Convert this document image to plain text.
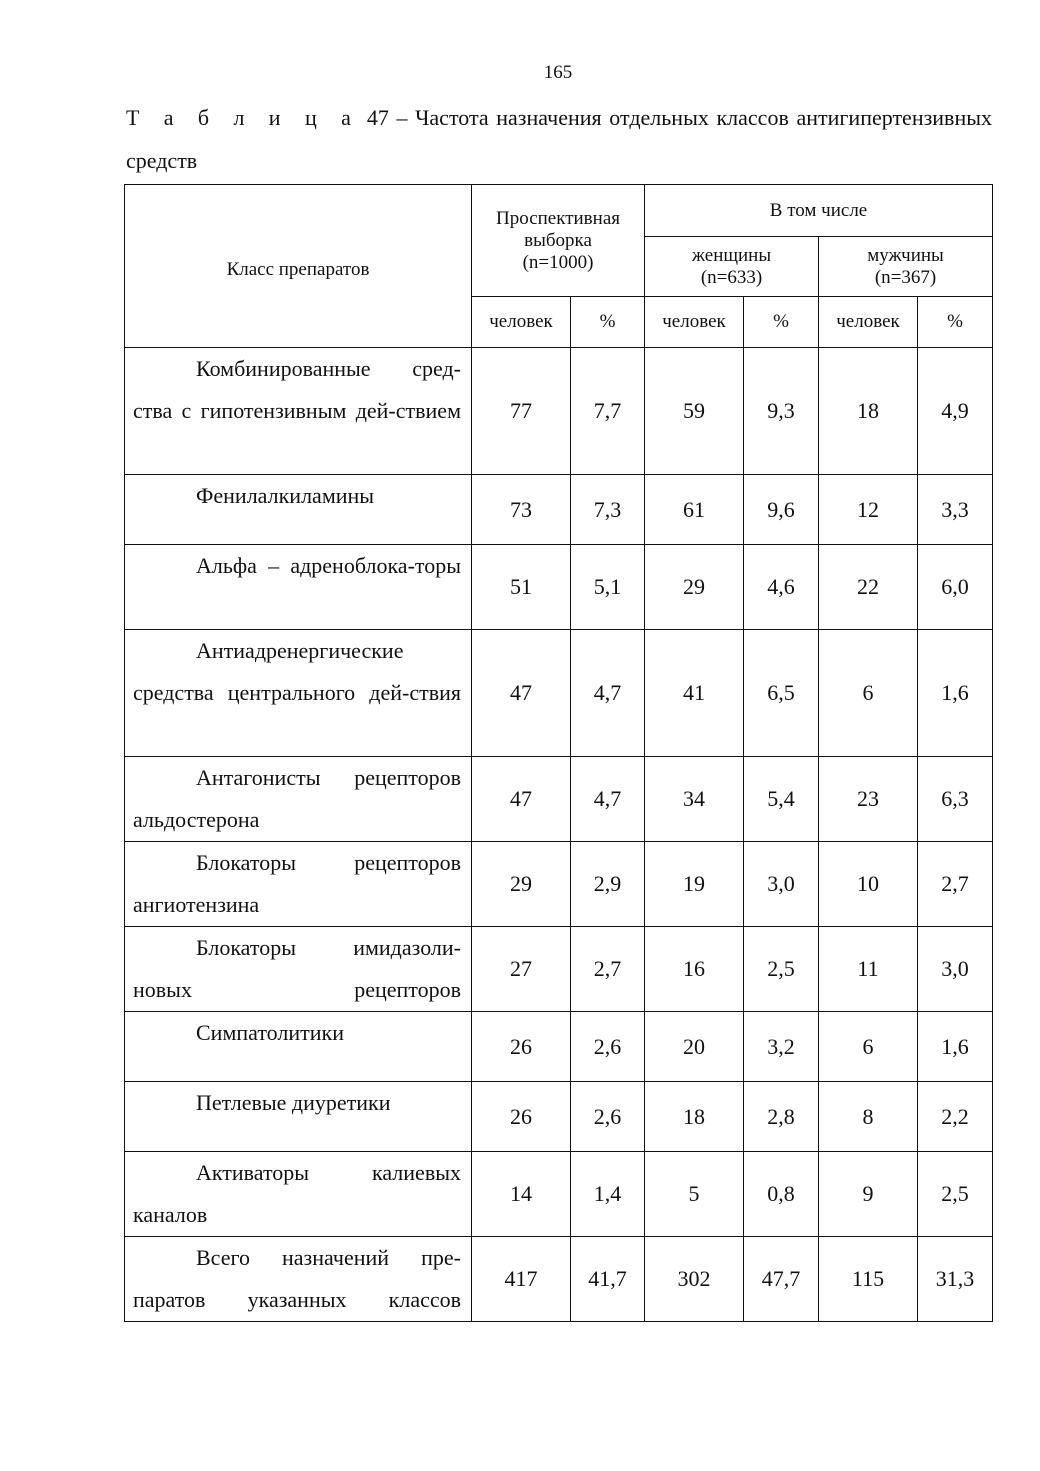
165
Т а б л и ц а 47 – Частота назначения отдельных классов антигипертензивных средств
Класс препаратов	Проспективная выборка (n=1000)		В том числе			
			женщины (n=633)		мужчины (n=367)	
	человек	%	человек	%	человек	%
Комбинированные сред-ства с гипотензивным дей-ствием	77	7,7	59	9,3	18	4,9
Фенилалкиламины	73	7,3	61	9,6	12	3,3
Альфа – адреноблока-торы	51	5,1	29	4,6	22	6,0
Антиадренергические средства центрального дей-ствия	47	4,7	41	6,5	6	1,6
Антагонисты рецепторов альдостерона	47	4,7	34	5,4	23	6,3
Блокаторы рецепторов ангиотензина	29	2,9	19	3,0	10	2,7
Блокаторы имидазоли-новых рецепторов	27	2,7	16	2,5	11	3,0
Симпатолитики	26	2,6	20	3,2	6	1,6
Петлевые диуретики	26	2,6	18	2,8	8	2,2
Активаторы калиевых каналов	14	1,4	5	0,8	9	2,5
Всего назначений пре-паратов указанных классов	417	41,7	302	47,7	115	31,3
